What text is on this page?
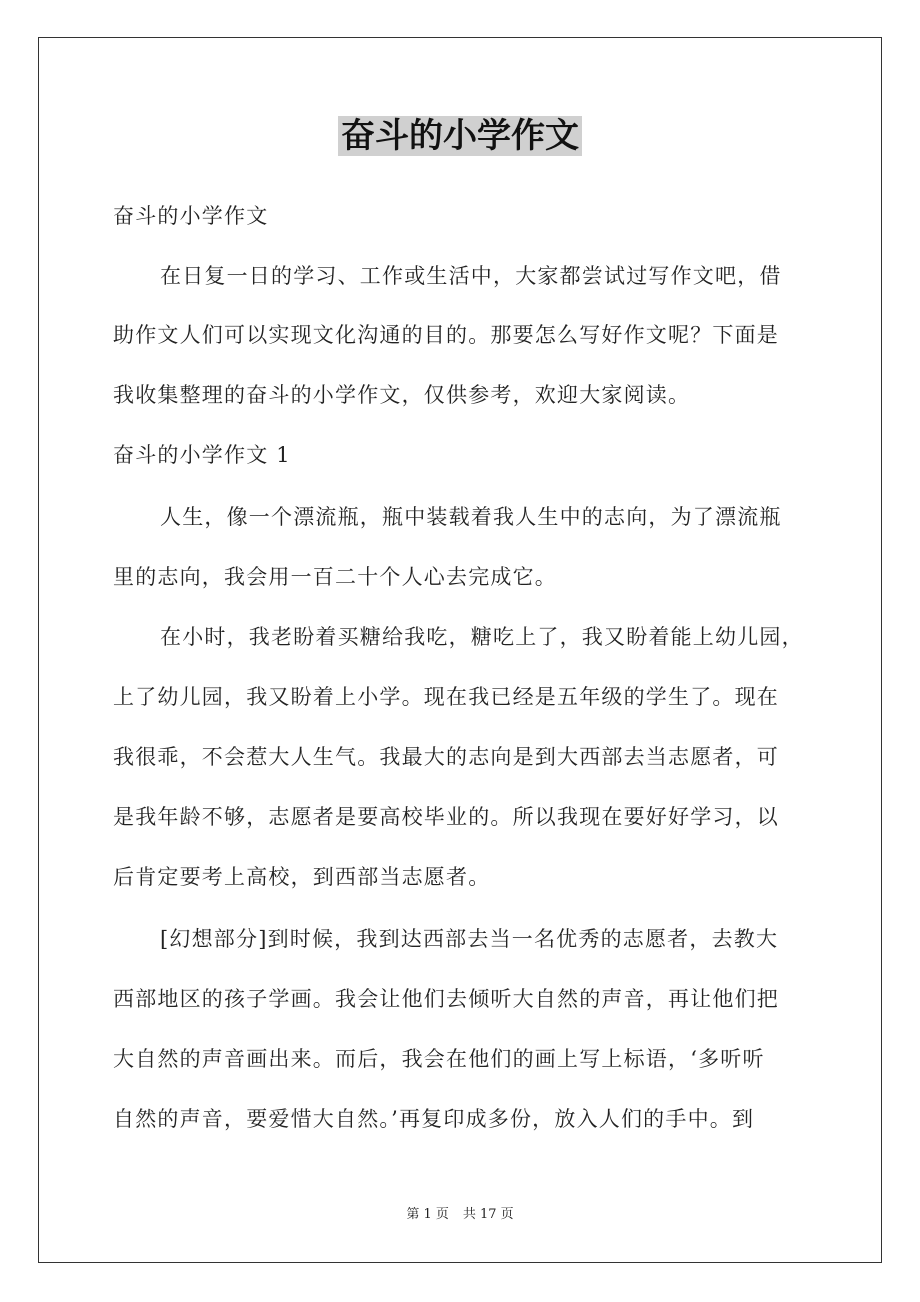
奋斗的小学作文
奋斗的小学作文
在日复一日的学习、工作或生活中，大家都尝试过写作文吧，借
助作文人们可以实现文化沟通的目的。那要怎么写好作文呢？下面是
我收集整理的奋斗的小学作文，仅供参考，欢迎大家阅读。
奋斗的小学作文 1
人生，像一个漂流瓶，瓶中装载着我人生中的志向，为了漂流瓶
里的志向，我会用一百二十个人心去完成它。
在小时，我老盼着买糖给我吃，糖吃上了，我又盼着能上幼儿园，
上了幼儿园，我又盼着上小学。现在我已经是五年级的学生了。现在
我很乖，不会惹大人生气。我最大的志向是到大西部去当志愿者，可
是我年龄不够，志愿者是要高校毕业的。所以我现在要好好学习，以
后肯定要考上高校，到西部当志愿者。
[幻想部分]到时候，我到达西部去当一名优秀的志愿者，去教大
西部地区的孩子学画。我会让他们去倾听大自然的声音，再让他们把
大自然的声音画出来。而后，我会在他们的画上写上标语，‘多听听
自然的声音，要爱惜大自然。’再复印成多份，放入人们的手中。到
第 1 页 共 17 页
